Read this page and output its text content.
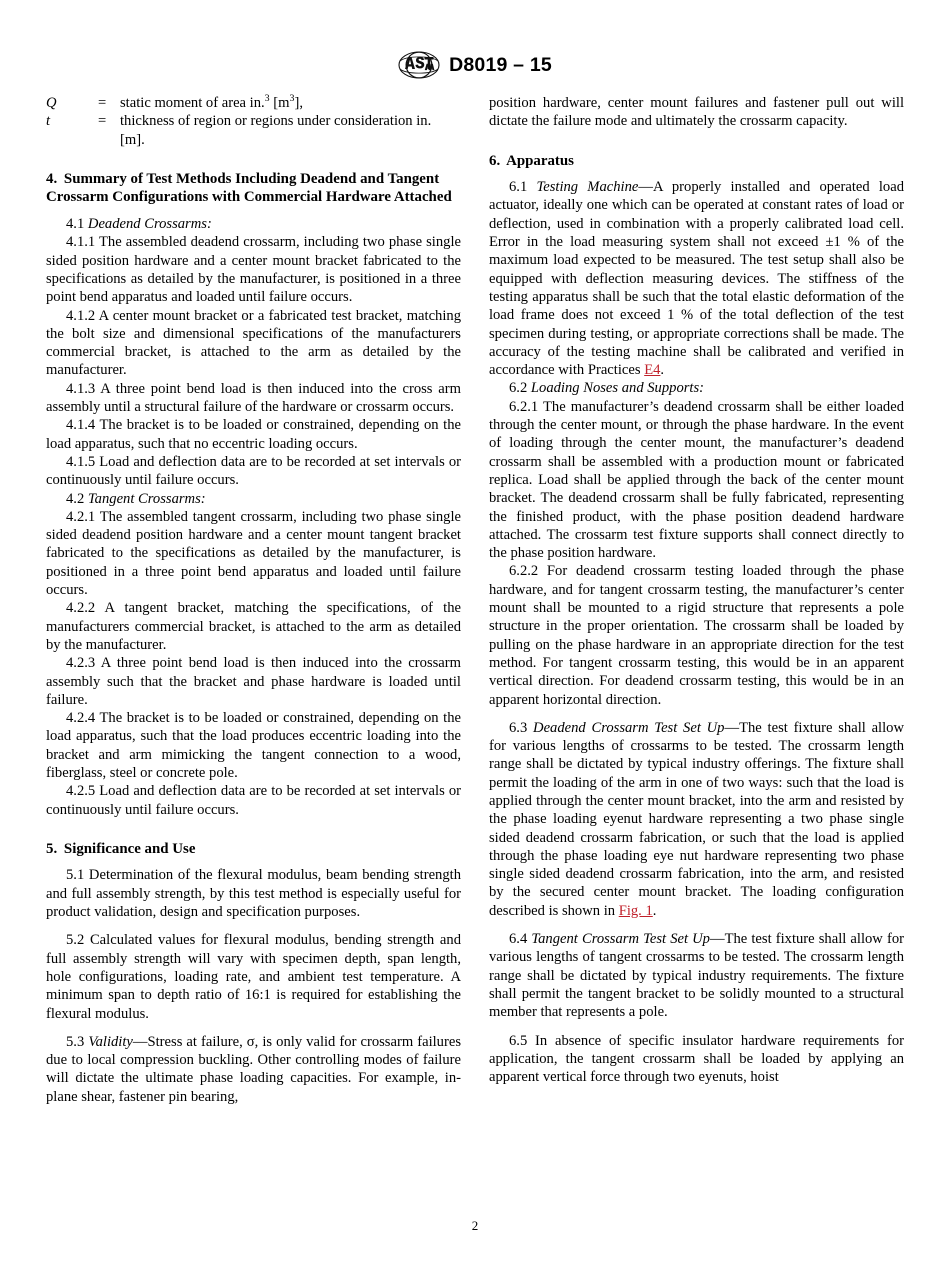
D8019 – 15
Q	= static moment of area in.$^3$ $[m^3]$,
t	= thickness of region or regions under consideration in.
[m].
4. Summary of Test Methods Including Deadend and Tangent Crossarm Configurations with Commercial Hardware Attached

4.1 Deadend Crossarms:

4.1.1 The assembled deadend crossarm, including two phase single sided position hardware and a center mount bracket fabricated to the specifications as detailed by the manufacturer, is positioned in a three point bend apparatus and loaded until failure occurs.

4.1.2 A center mount bracket or a fabricated test bracket, matching the bolt size and dimensional specifications of the manufacturers commercial bracket, is attached to the arm as detailed by the manufacturer.

4.1.3 A three point bend load is then induced into the cross arm assembly until a structural failure of the hardware or crossarm occurs.

4.1.4 The bracket is to be loaded or constrained, depending on the load apparatus, such that no eccentric loading occurs.

4.1.5 Load and deflection data are to be recorded at set intervals or continuously until failure occurs.

4.2 Tangent Crossarms:

4.2.1 The assembled tangent crossarm, including two phase single sided deadend position hardware and a center mount tangent bracket fabricated to the specifications as detailed by the manufacturer, is positioned in a three point bend apparatus and loaded until failure occurs.

4.2.2 A tangent bracket, matching the specifications, of the manufacturers commercial bracket, is attached to the arm as detailed by the manufacturer.

4.2.3 A three point bend load is then induced into the crossarm assembly such that the bracket and phase hardware is loaded until failure.

4.2.4 The bracket is to be loaded or constrained, depending on the load apparatus, such that the load produces eccentric loading into the bracket and arm mimicking the tangent connection to a wood, fiberglass, steel or concrete pole.

4.2.5 Load and deflection data are to be recorded at set intervals or continuously until failure occurs.

5. Significance and Use

5.1 Determination of the flexural modulus, beam bending strength and full assembly strength, by this test method is especially useful for product validation, design and specification purposes.

5.2 Calculated values for flexural modulus, bending strength and full assembly strength will vary with specimen depth, span length, hole configurations, loading rate, and ambient test temperature. A minimum span to depth ratio of 16:1 is required for establishing the flexural modulus.

5.3 Validity—Stress at failure, σ, is only valid for crossarm failures due to local compression buckling. Other controlling modes of failure will dictate the ultimate phase loading capacities. For example, in-plane shear, fastener pin bearing,

position hardware, center mount failures and fastener pull out will dictate the failure mode and ultimately the crossarm capacity.

6. Apparatus

6.1 Testing Machine—A properly installed and operated load actuator, ideally one which can be operated at constant rates of load or deflection, used in combination with a properly calibrated load cell. Error in the load measuring system shall not exceed ±1 % of the maximum load expected to be measured. The test setup shall also be equipped with deflection measuring devices. The stiffness of the testing apparatus shall be such that the total elastic deformation of the load frame does not exceed 1 % of the total deflection of the test specimen during testing, or appropriate corrections shall be made. The accuracy of the testing machine shall be calibrated and verified in accordance with Practices E4.

6.2 Loading Noses and Supports:

6.2.1 The manufacturer’s deadend crossarm shall be either loaded through the center mount, or through the phase hardware. In the event of loading through the center mount, the manufacturer’s deadend crossarm shall be assembled with a production mount or fabricated replica. Load shall be applied through the back of the center mount bracket. The deadend crossarm shall be fully fabricated, representing the finished product, with the phase position deadend hardware attached. The crossarm test fixture supports shall connect directly to the phase position hardware.

6.2.2 For deadend crossarm testing loaded through the phase hardware, and for tangent crossarm testing, the manufacturer’s center mount shall be mounted to a rigid structure that represents a pole structure in the proper orientation. The crossarm shall be loaded by pulling on the phase hardware in an appropriate direction for the test method. For tangent crossarm testing, this would be in an apparent vertical direction. For deadend crossarm testing, this would be in an apparent horizontal direction.

6.3 Deadend Crossarm Test Set Up—The test fixture shall allow for various lengths of crossarms to be tested. The crossarm length range shall be dictated by typical industry offerings. The fixture shall permit the loading of the arm in one of two ways: such that the load is applied through the center mount bracket, into the arm and resisted by the phase loading eyenut hardware representing a two phase single sided deadend crossarm fabrication, or such that the load is applied through the phase loading eye nut hardware representing two phase single sided deadend crossarm fabrication, into the arm, and resisted by the secured center mount bracket. The loading configuration described is shown in Fig. 1.

6.4 Tangent Crossarm Test Set Up—The test fixture shall allow for various lengths of tangent crossarms to be tested. The crossarm length range shall be dictated by typical industry requirements. The fixture shall permit the tangent bracket to be solidly mounted to a structural member that represents a pole.

6.5 In absence of specific insulator hardware requirements for application, the tangent crossarm shall be loaded by applying an apparent vertical force through two eyenuts, hoist

2
